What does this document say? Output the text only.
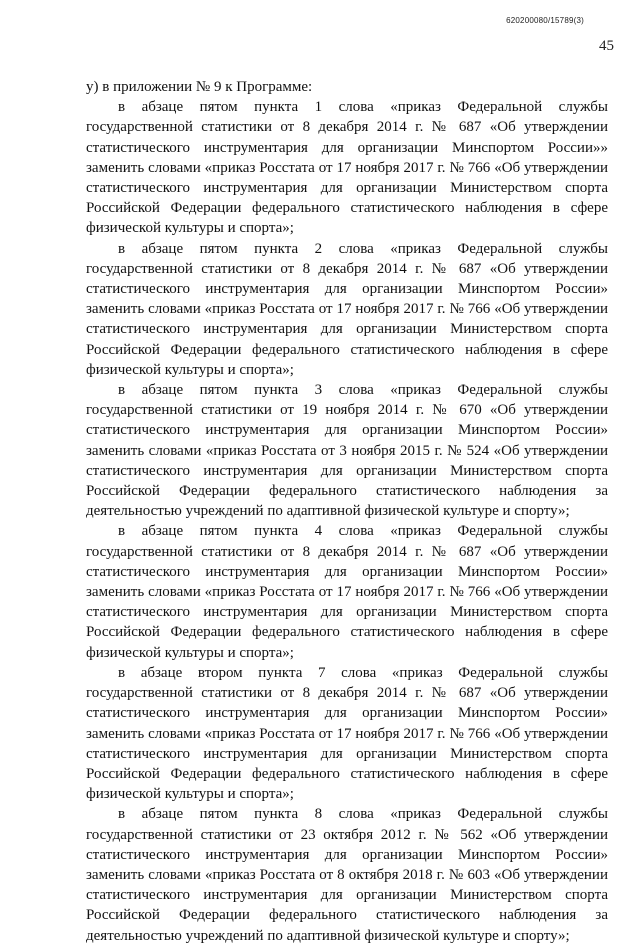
620200080/15789(3)
45

у) в приложении № 9 к Программе:

в абзаце пятом пункта 1 слова «приказ Федеральной службы государственной статистики от 8 декабря 2014 г. № 687 «Об утверждении статистического инструментария для организации Минспортом России»» заменить словами «приказ Росстата от 17 ноября 2017 г. № 766 «Об утверждении статистического инструментария для организации Министерством спорта Российской Федерации федерального статистического наблюдения в сфере физической культуры и спорта»;

в абзаце пятом пункта 2 слова «приказ Федеральной службы государственной статистики от 8 декабря 2014 г. № 687 «Об утверждении статистического инструментария для организации Минспортом России» заменить словами «приказ Росстата от 17 ноября 2017 г. № 766 «Об утверждении статистического инструментария для организации Министерством спорта Российской Федерации федерального статистического наблюдения в сфере физической культуры и спорта»;

в абзаце пятом пункта 3 слова «приказ Федеральной службы государственной статистики от 19 ноября 2014 г. № 670 «Об утверждении статистического инструментария для организации Минспортом России» заменить словами «приказ Росстата от 3 ноября 2015 г. № 524 «Об утверждении статистического инструментария для организации Министерством спорта Российской Федерации федерального статистического наблюдения за деятельностью учреждений по адаптивной физической культуре и спорту»;

в абзаце пятом пункта 4 слова «приказ Федеральной службы государственной статистики от 8 декабря 2014 г. № 687 «Об утверждении статистического инструментария для организации Минспортом России» заменить словами «приказ Росстата от 17 ноября 2017 г. № 766 «Об утверждении статистического инструментария для организации Министерством спорта Российской Федерации федерального статистического наблюдения в сфере физической культуры и спорта»;

в абзаце втором пункта 7 слова «приказ Федеральной службы государственной статистики от 8 декабря 2014 г. № 687 «Об утверждении статистического инструментария для организации Минспортом России» заменить словами «приказ Росстата от 17 ноября 2017 г. № 766 «Об утверждении статистического инструментария для организации Министерством спорта Российской Федерации федерального статистического наблюдения в сфере физической культуры и спорта»;

в абзаце пятом пункта 8 слова «приказ Федеральной службы государственной статистики от 23 октября 2012 г. № 562 «Об утверждении статистического инструментария для организации Минспортом России» заменить словами «приказ Росстата от 8 октября 2018 г. № 603 «Об утверждении статистического инструментария для организации Министерством спорта Российской Федерации федерального статистического наблюдения за деятельностью учреждений по адаптивной физической культуре и спорту»;
